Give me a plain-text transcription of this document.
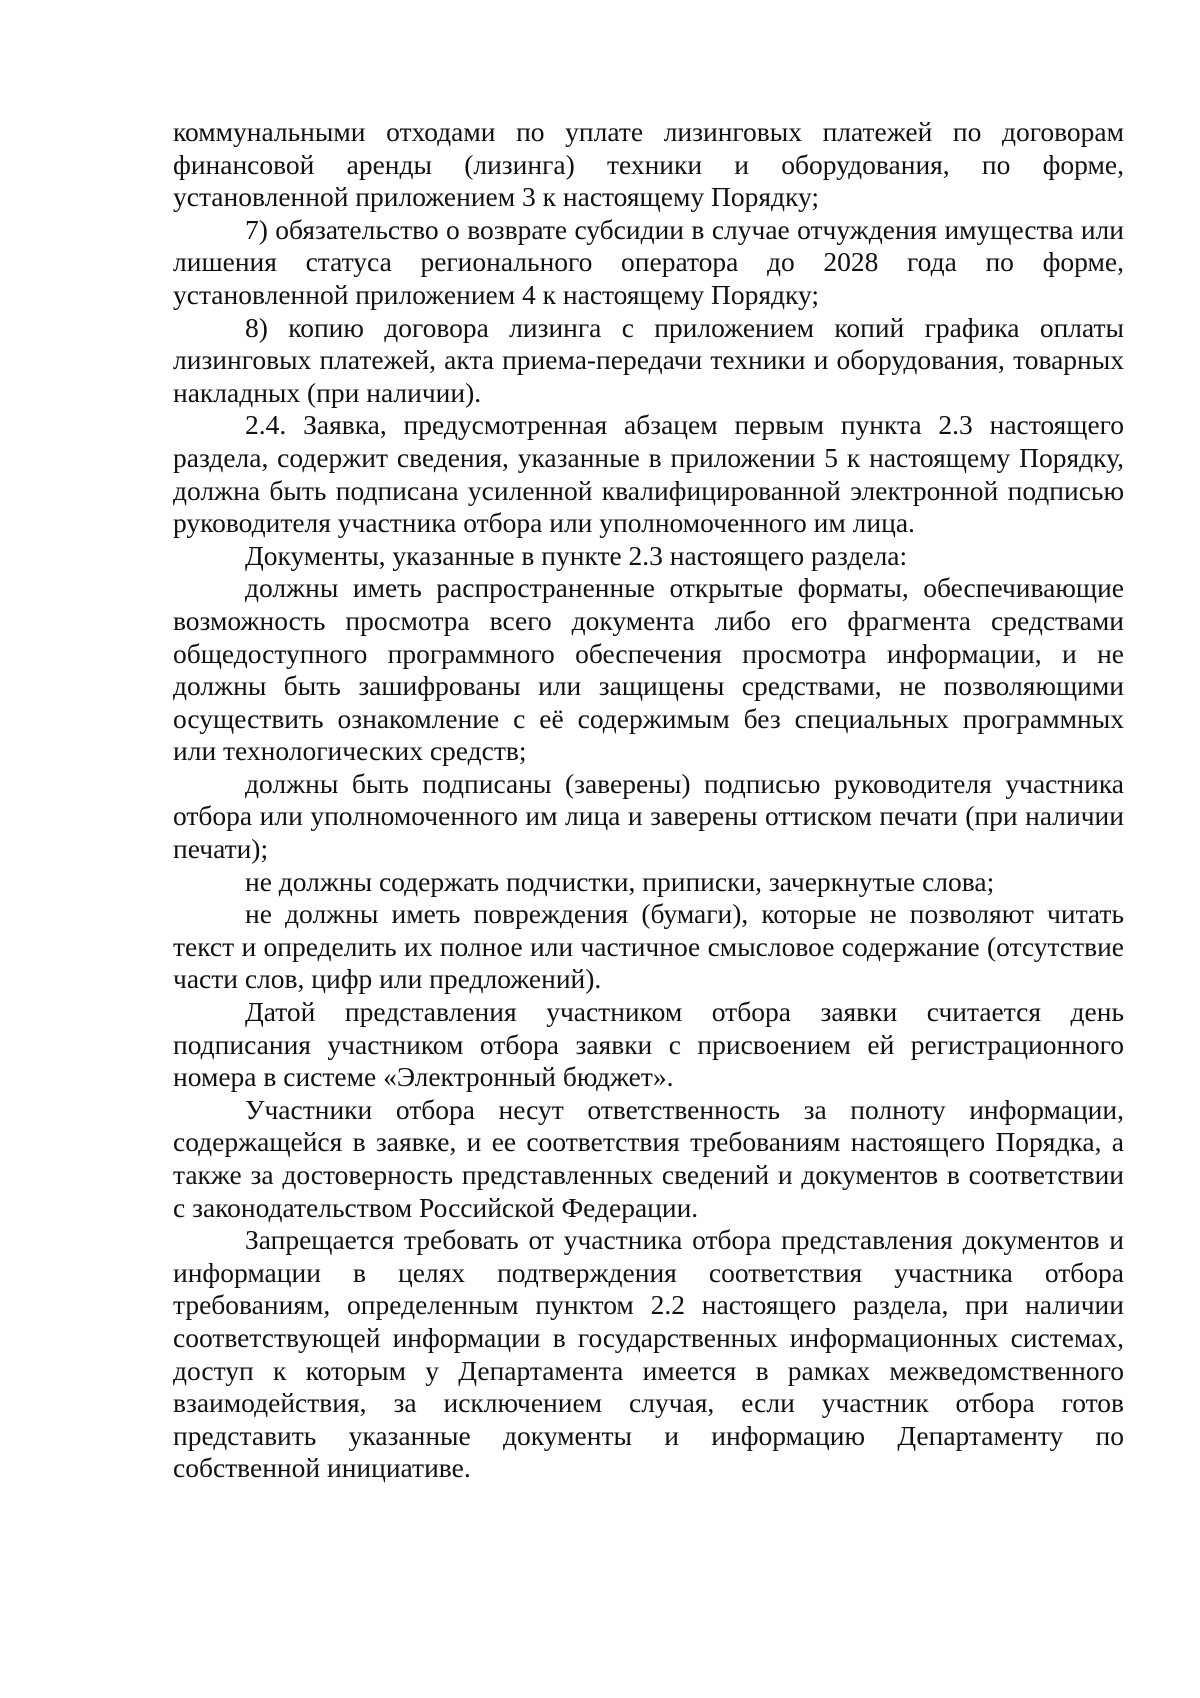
коммунальными отходами по уплате лизинговых платежей по договорам финансовой аренды (лизинга) техники и оборудования, по форме, установленной приложением 3 к настоящему Порядку;

7) обязательство о возврате субсидии в случае отчуждения имущества или лишения статуса регионального оператора до 2028 года по форме, установленной приложением 4 к настоящему Порядку;

8) копию договора лизинга с приложением копий графика оплаты лизинговых платежей, акта приема-передачи техники и оборудования, товарных накладных (при наличии).

2.4. Заявка, предусмотренная абзацем первым пункта 2.3 настоящего раздела, содержит сведения, указанные в приложении 5 к настоящему Порядку, должна быть подписана усиленной квалифицированной электронной подписью руководителя участника отбора или уполномоченного им лица.

Документы, указанные в пункте 2.3 настоящего раздела:

должны иметь распространенные открытые форматы, обеспечивающие возможность просмотра всего документа либо его фрагмента средствами общедоступного программного обеспечения просмотра информации, и не должны быть зашифрованы или защищены средствами, не позволяющими осуществить ознакомление с её содержимым без специальных программных или технологических средств;

должны быть подписаны (заверены) подписью руководителя участника отбора или уполномоченного им лица и заверены оттиском печати (при наличии печати);

не должны содержать подчистки, приписки, зачеркнутые слова;

не должны иметь повреждения (бумаги), которые не позволяют читать текст и определить их полное или частичное смысловое содержание (отсутствие части слов, цифр или предложений).

Датой представления участником отбора заявки считается день подписания участником отбора заявки с присвоением ей регистрационного номера в системе «Электронный бюджет».

Участники отбора несут ответственность за полноту информации, содержащейся в заявке, и ее соответствия требованиям настоящего Порядка, а также за достоверность представленных сведений и документов в соответствии с законодательством Российской Федерации.

Запрещается требовать от участника отбора представления документов и информации в целях подтверждения соответствия участника отбора требованиям, определенным пунктом 2.2 настоящего раздела, при наличии соответствующей информации в государственных информационных системах, доступ к которым у Департамента имеется в рамках межведомственного взаимодействия, за исключением случая, если участник отбора готов представить указанные документы и информацию Департаменту по собственной инициативе.
